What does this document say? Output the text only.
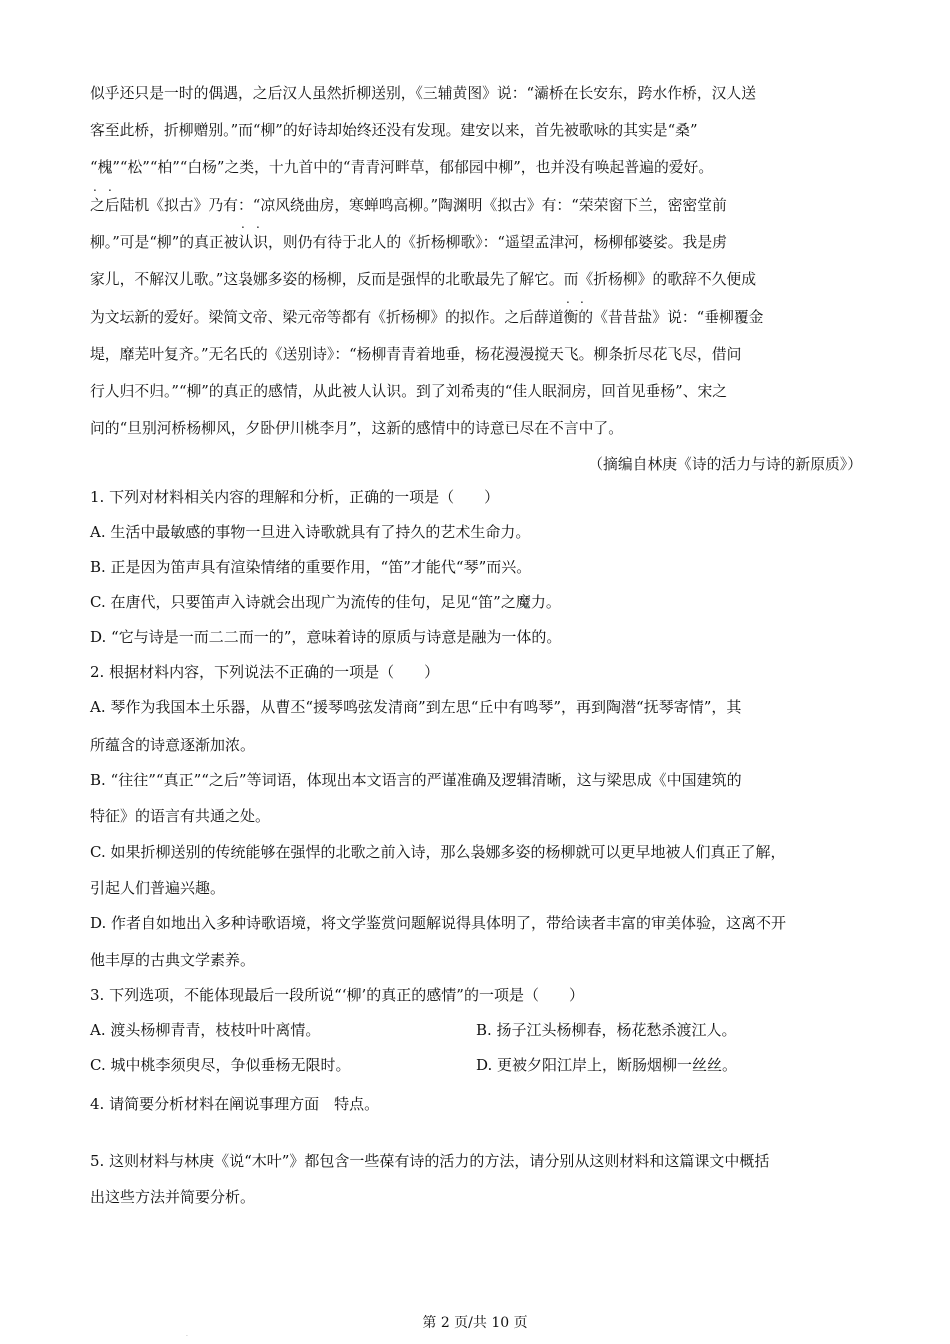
似乎还只是一时的偶遇，之后汉人虽然折柳送别，《三辅黄图》说：“灞桥在长安东，跨水作桥，汉人送
客至此桥，折柳赠别。”而“柳”的好诗却始终还没有发现。建安以来，首先被歌咏的其实是“桑”
“槐”“松”“柏”“白杨”之类，十九首中的“青青河畔草，郁郁园中柳”，也并没有唤起普遍的爱好。
. .
之后陆机《拟古》乃有：“凉风绕曲房，寒蝉鸣高柳。”陶渊明《拟古》有：“荣荣窗下兰，密密堂前
. .
柳。”可是“柳”的真正被认识，则仍有待于北人的《折杨柳歌》：“遥望孟津河，杨柳郁婆娑。我是虏
家儿，不解汉儿歌。”这袅娜多姿的杨柳，反而是强悍的北歌最先了解它。而《折杨柳》的歌辞不久便成
. .
为文坛新的爱好。梁简文帝、梁元帝等都有《折杨柳》的拟作。之后薛道衡的《昔昔盐》说：“垂柳覆金
堤，靡芜叶复齐。”无名氏的《送别诗》：“杨柳青青着地垂，杨花漫漫搅天飞。柳条折尽花飞尽，借问
行人归不归。”“柳”的真正的感情，从此被人认识。到了刘希夷的“佳人眠洞房，回首见垂杨”、宋之
问的“旦别河桥杨柳风，夕卧伊川桃李月”，这新的感情中的诗意已尽在不言中了。
（摘编自林庚《诗的活力与诗的新原质》）
1. 下列对材料相关内容的理解和分析，正确的一项是（　　）
A. 生活中最敏感的事物一旦进入诗歌就具有了持久的艺术生命力。
B. 正是因为笛声具有渲染情绪的重要作用，“笛”才能代“琴”而兴。
C. 在唐代，只要笛声入诗就会出现广为流传的佳句，足见“笛”之魔力。
D. “它与诗是一而二二而一的”，意味着诗的原质与诗意是融为一体的。
2. 根据材料内容，下列说法不正确的一项是（　　）
A. 琴作为我国本土乐器，从曹丕“援琴鸣弦发清商”到左思“丘中有鸣琴”，再到陶潜“抚琴寄情”，其
所蕴含的诗意逐渐加浓。
B. “往往”“真正”“之后”等词语，体现出本文语言的严谨准确及逻辑清晰，这与梁思成《中国建筑的
特征》的语言有共通之处。
C. 如果折柳送别的传统能够在强悍的北歌之前入诗，那么袅娜多姿的杨柳就可以更早地被人们真正了解，
引起人们普遍兴趣。
D. 作者自如地出入多种诗歌语境，将文学鉴赏问题解说得具体明了，带给读者丰富的审美体验，这离不开
他丰厚的古典文学素养。
3. 下列选项，不能体现最后一段所说“‘柳’的真正的感情”的一项是（　　）
A. 渡头杨柳青青，枝枝叶叶离情。	B. 扬子江头杨柳春，杨花愁杀渡江人。
C. 城中桃李须臾尽，争似垂杨无限时。	D. 更被夕阳江岸上，断肠烟柳一丝丝。
4. 请简要分析材料在阐说事理方面　特点。
5. 这则材料与林庚《说“木叶”》都包含一些葆有诗的活力的方法，请分别从这则材料和这篇课文中概括
出这些方法并简要分析。
·
第 2 页/共 10 页
